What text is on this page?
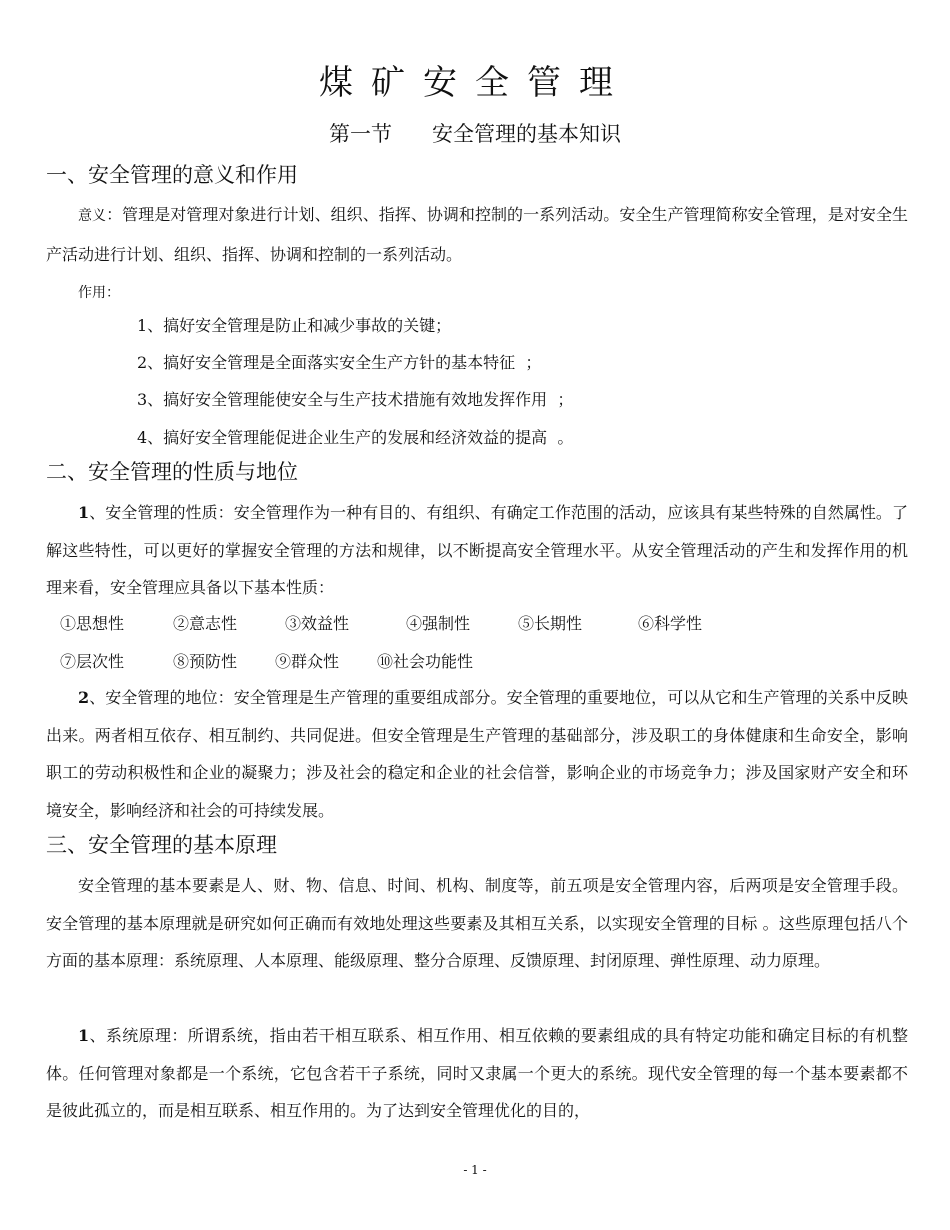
煤矿安全管理
第一节      安全管理的基本知识
一、安全管理的意义和作用
意义：管理是对管理对象进行计划、组织、指挥、协调和控制的一系列活动。安全生产管理简称安全管理，是对安全生产活动进行计划、组织、指挥、协调和控制的一系列活动。
作用：
1、搞好安全管理是防止和减少事故的关键；
2、搞好安全管理是全面落实安全生产方针的基本特征  ；
3、搞好安全管理能使安全与生产技术措施有效地发挥作用  ；
4、搞好安全管理能促进企业生产的发展和经济效益的提高  。
二、安全管理的性质与地位
1、安全管理的性质：安全管理作为一种有目的、有组织、有确定工作范围的活动，应该具有某些特殊的自然属性。了解这些特性，可以更好的掌握安全管理的方法和规律，以不断提高安全管理水平。从安全管理活动的产生和发挥作用的机理来看，安全管理应具备以下基本性质：
①思想性	②意志性	③效益性	④强制性	⑤长期性	⑥科学性
⑦层次性	⑧预防性 ⑨群众性 ⑩社会功能性
2、安全管理的地位：安全管理是生产管理的重要组成部分。安全管理的重要地位，可以从它和生产管理的关系中反映出来。两者相互依存、相互制约、共同促进。但安全管理是生产管理的基础部分，涉及职工的身体健康和生命安全，影响职工的劳动积极性和企业的凝聚力；涉及社会的稳定和企业的社会信誉，影响企业的市场竞争力；涉及国家财产安全和环境安全，影响经济和社会的可持续发展。
三、安全管理的基本原理
安全管理的基本要素是人、财、物、信息、时间、机构、制度等，前五项是安全管理内容，后两项是安全管理手段。安全管理的基本原理就是研究如何正确而有效地处理这些要素及其相互关系，以实现安全管理的目标 。这些原理包括八个方面的基本原理：系统原理、人本原理、能级原理、整分合原理、反馈原理、封闭原理、弹性原理、动力原理。
1、系统原理：所谓系统，指由若干相互联系、相互作用、相互依赖的要素组成的具有特定功能和确定目标的有机整体。任何管理对象都是一个系统，它包含若干子系统，同时又隶属一个更大的系统。现代安全管理的每一个基本要素都不是彼此孤立的，而是相互联系、相互作用的。为了达到安全管理优化的目的，
- 1 -
